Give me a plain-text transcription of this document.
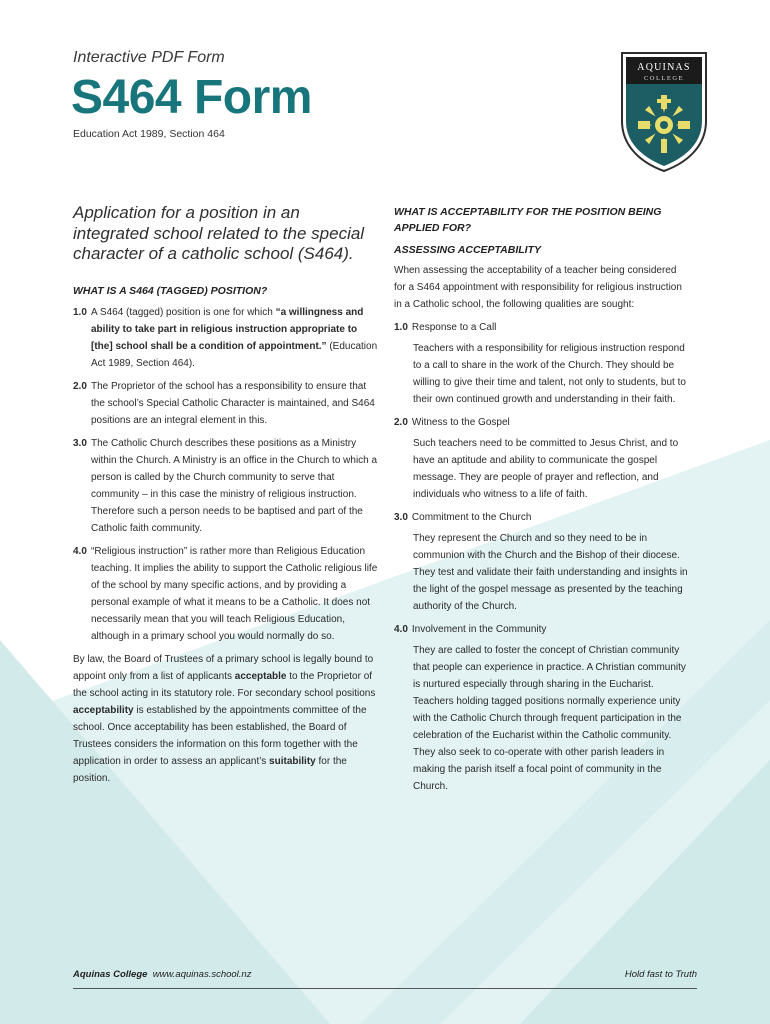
Interactive PDF Form
S464 Form
Education Act 1989, Section 464
AQUINAS
COLLEGE
Application for a position in an integrated school related to the special character of a catholic school (S464).
WHAT IS A S464 (TAGGED) POSITION?
1.0 A S464 (tagged) position is one for which “a willingness and ability to take part in religious instruction appropriate to [the] school shall be a condition of appointment.” (Education Act 1989, Section 464).
2.0 The Proprietor of the school has a responsibility to ensure that the school’s Special Catholic Character is maintained, and S464 positions are an integral element in this.
3.0 The Catholic Church describes these positions as a Ministry within the Church. A Ministry is an office in the Church to which a person is called by the Church community to serve that community – in this case the ministry of religious instruction. Therefore such a person needs to be baptised and part of the Catholic faith community.
4.0 “Religious instruction” is rather more than Religious Education teaching. It implies the ability to support the Catholic religious life of the school by many specific actions, and by providing a personal example of what it means to be a Catholic. It does not necessarily mean that you will teach Religious Education, although in a primary school you would normally do so.
By law, the Board of Trustees of a primary school is legally bound to appoint only from a list of applicants acceptable to the Proprietor of the school acting in its statutory role. For secondary school positions acceptability is established by the appointments committee of the school. Once acceptability has been established, the Board of Trustees considers the information on this form together with the application in order to assess an applicant’s suitability for the position.
WHAT IS ACCEPTABILITY FOR THE POSITION BEING APPLIED FOR?
ASSESSING ACCEPTABILITY
When assessing the acceptability of a teacher being considered for a S464 appointment with responsibility for religious instruction in a Catholic school, the following qualities are sought:
1.0 Response to a Call
Teachers with a responsibility for religious instruction respond to a call to share in the work of the Church. They should be willing to give their time and talent, not only to students, but to their own continued growth and understanding in their faith.
2.0 Witness to the Gospel
Such teachers need to be committed to Jesus Christ, and to have an aptitude and ability to communicate the gospel message. They are people of prayer and reflection, and individuals who witness to a life of faith.
3.0 Commitment to the Church
They represent the Church and so they need to be in communion with the Church and the Bishop of their diocese. They test and validate their faith understanding and insights in the light of the gospel message as presented by the teaching authority of the Church.
4.0 Involvement in the Community
They are called to foster the concept of Christian community that people can experience in practice. A Christian community is nurtured especially through sharing in the Eucharist. Teachers holding tagged positions normally experience unity with the Catholic Church through frequent participation in the celebration of the Eucharist within the Catholic community. They also seek to co-operate with other parish leaders in making the parish itself a focal point of community in the Church.
Aquinas College www.aquinas.school.nz	Hold fast to Truth
